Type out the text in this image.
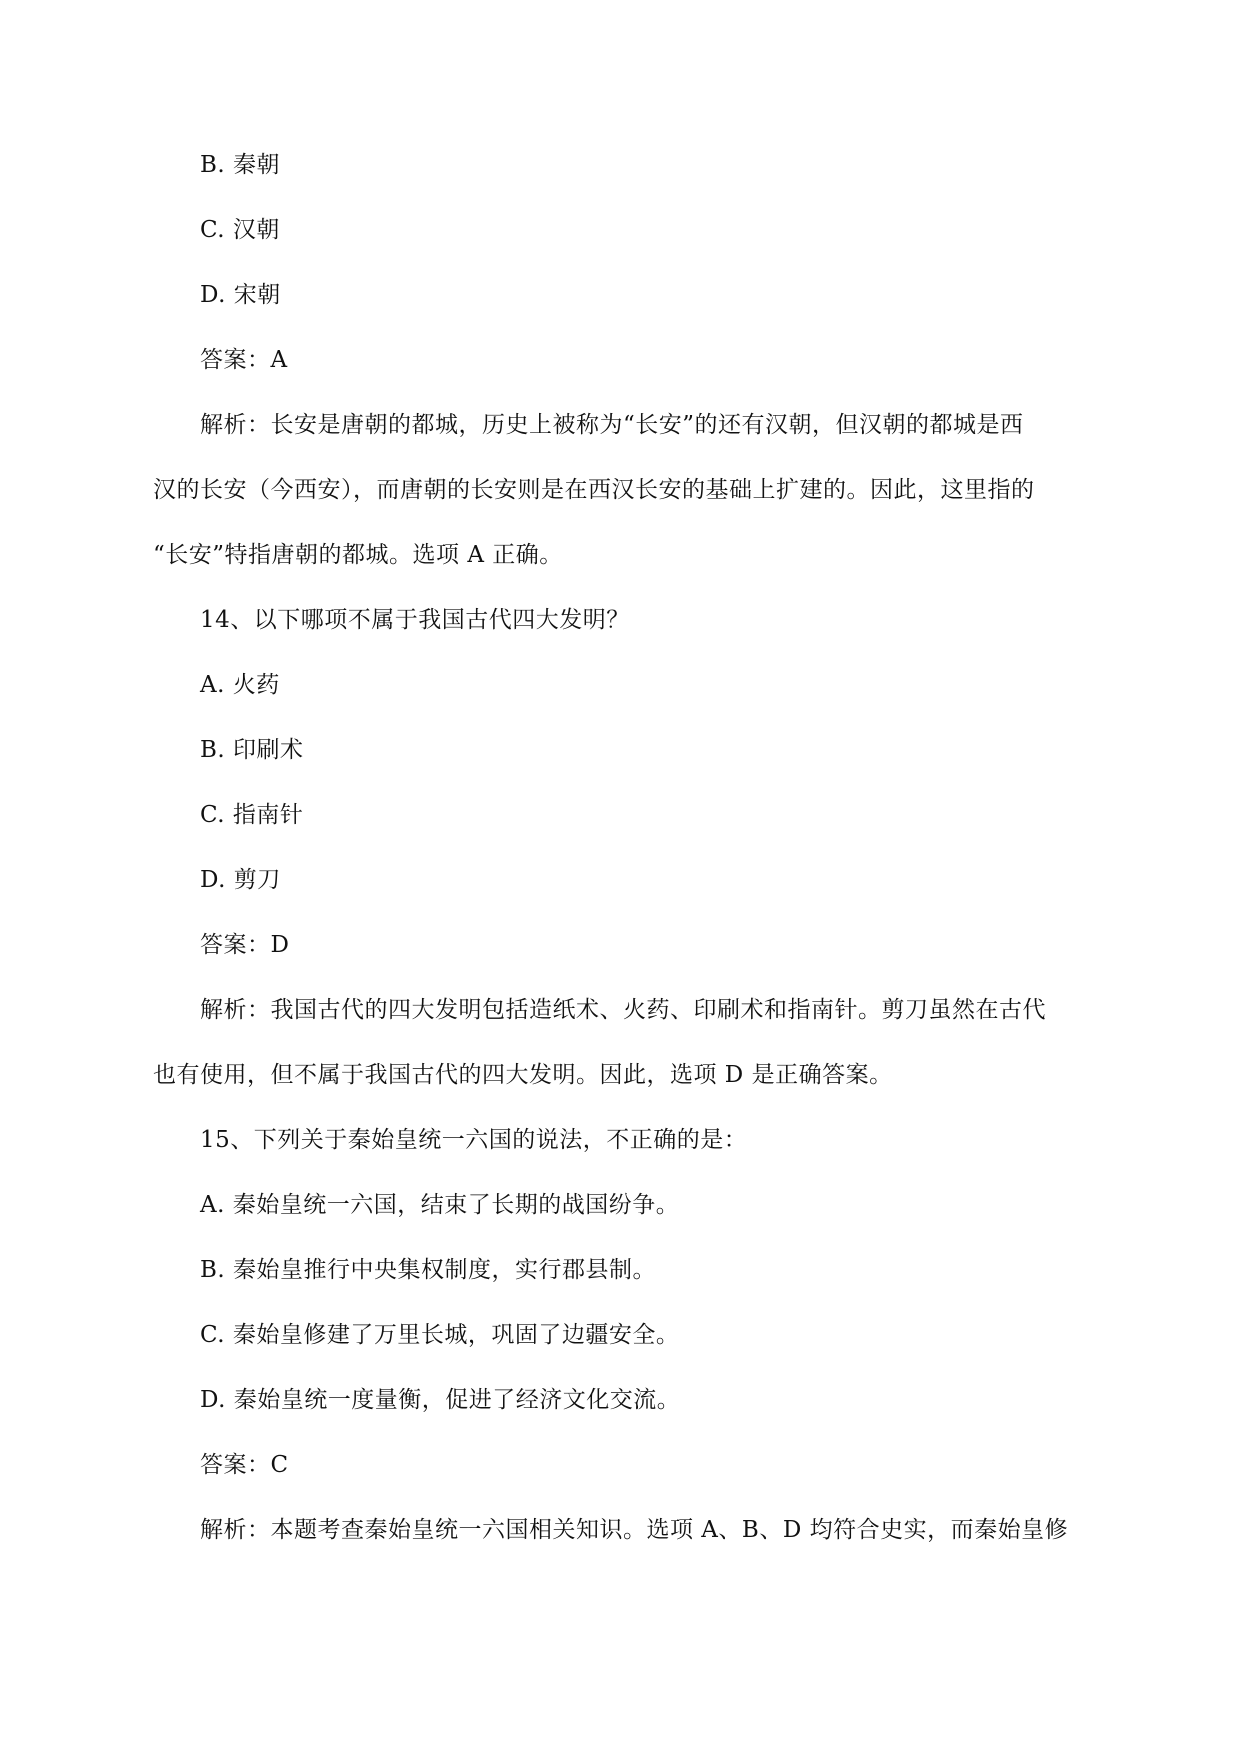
B. 秦朝
C. 汉朝
D. 宋朝
答案：A
解析：长安是唐朝的都城，历史上被称为“长安”的还有汉朝，但汉朝的都城是西
汉的长安（今西安），而唐朝的长安则是在西汉长安的基础上扩建的。因此，这里指的
“长安”特指唐朝的都城。选项 A 正确。
14、以下哪项不属于我国古代四大发明？
A. 火药
B. 印刷术
C. 指南针
D. 剪刀
答案：D
解析：我国古代的四大发明包括造纸术、火药、印刷术和指南针。剪刀虽然在古代
也有使用，但不属于我国古代的四大发明。因此，选项 D 是正确答案。
15、下列关于秦始皇统一六国的说法，不正确的是：
A. 秦始皇统一六国，结束了长期的战国纷争。
B. 秦始皇推行中央集权制度，实行郡县制。
C. 秦始皇修建了万里长城，巩固了边疆安全。
D. 秦始皇统一度量衡，促进了经济文化交流。
答案：C
解析：本题考查秦始皇统一六国相关知识。选项 A、B、D 均符合史实，而秦始皇修
